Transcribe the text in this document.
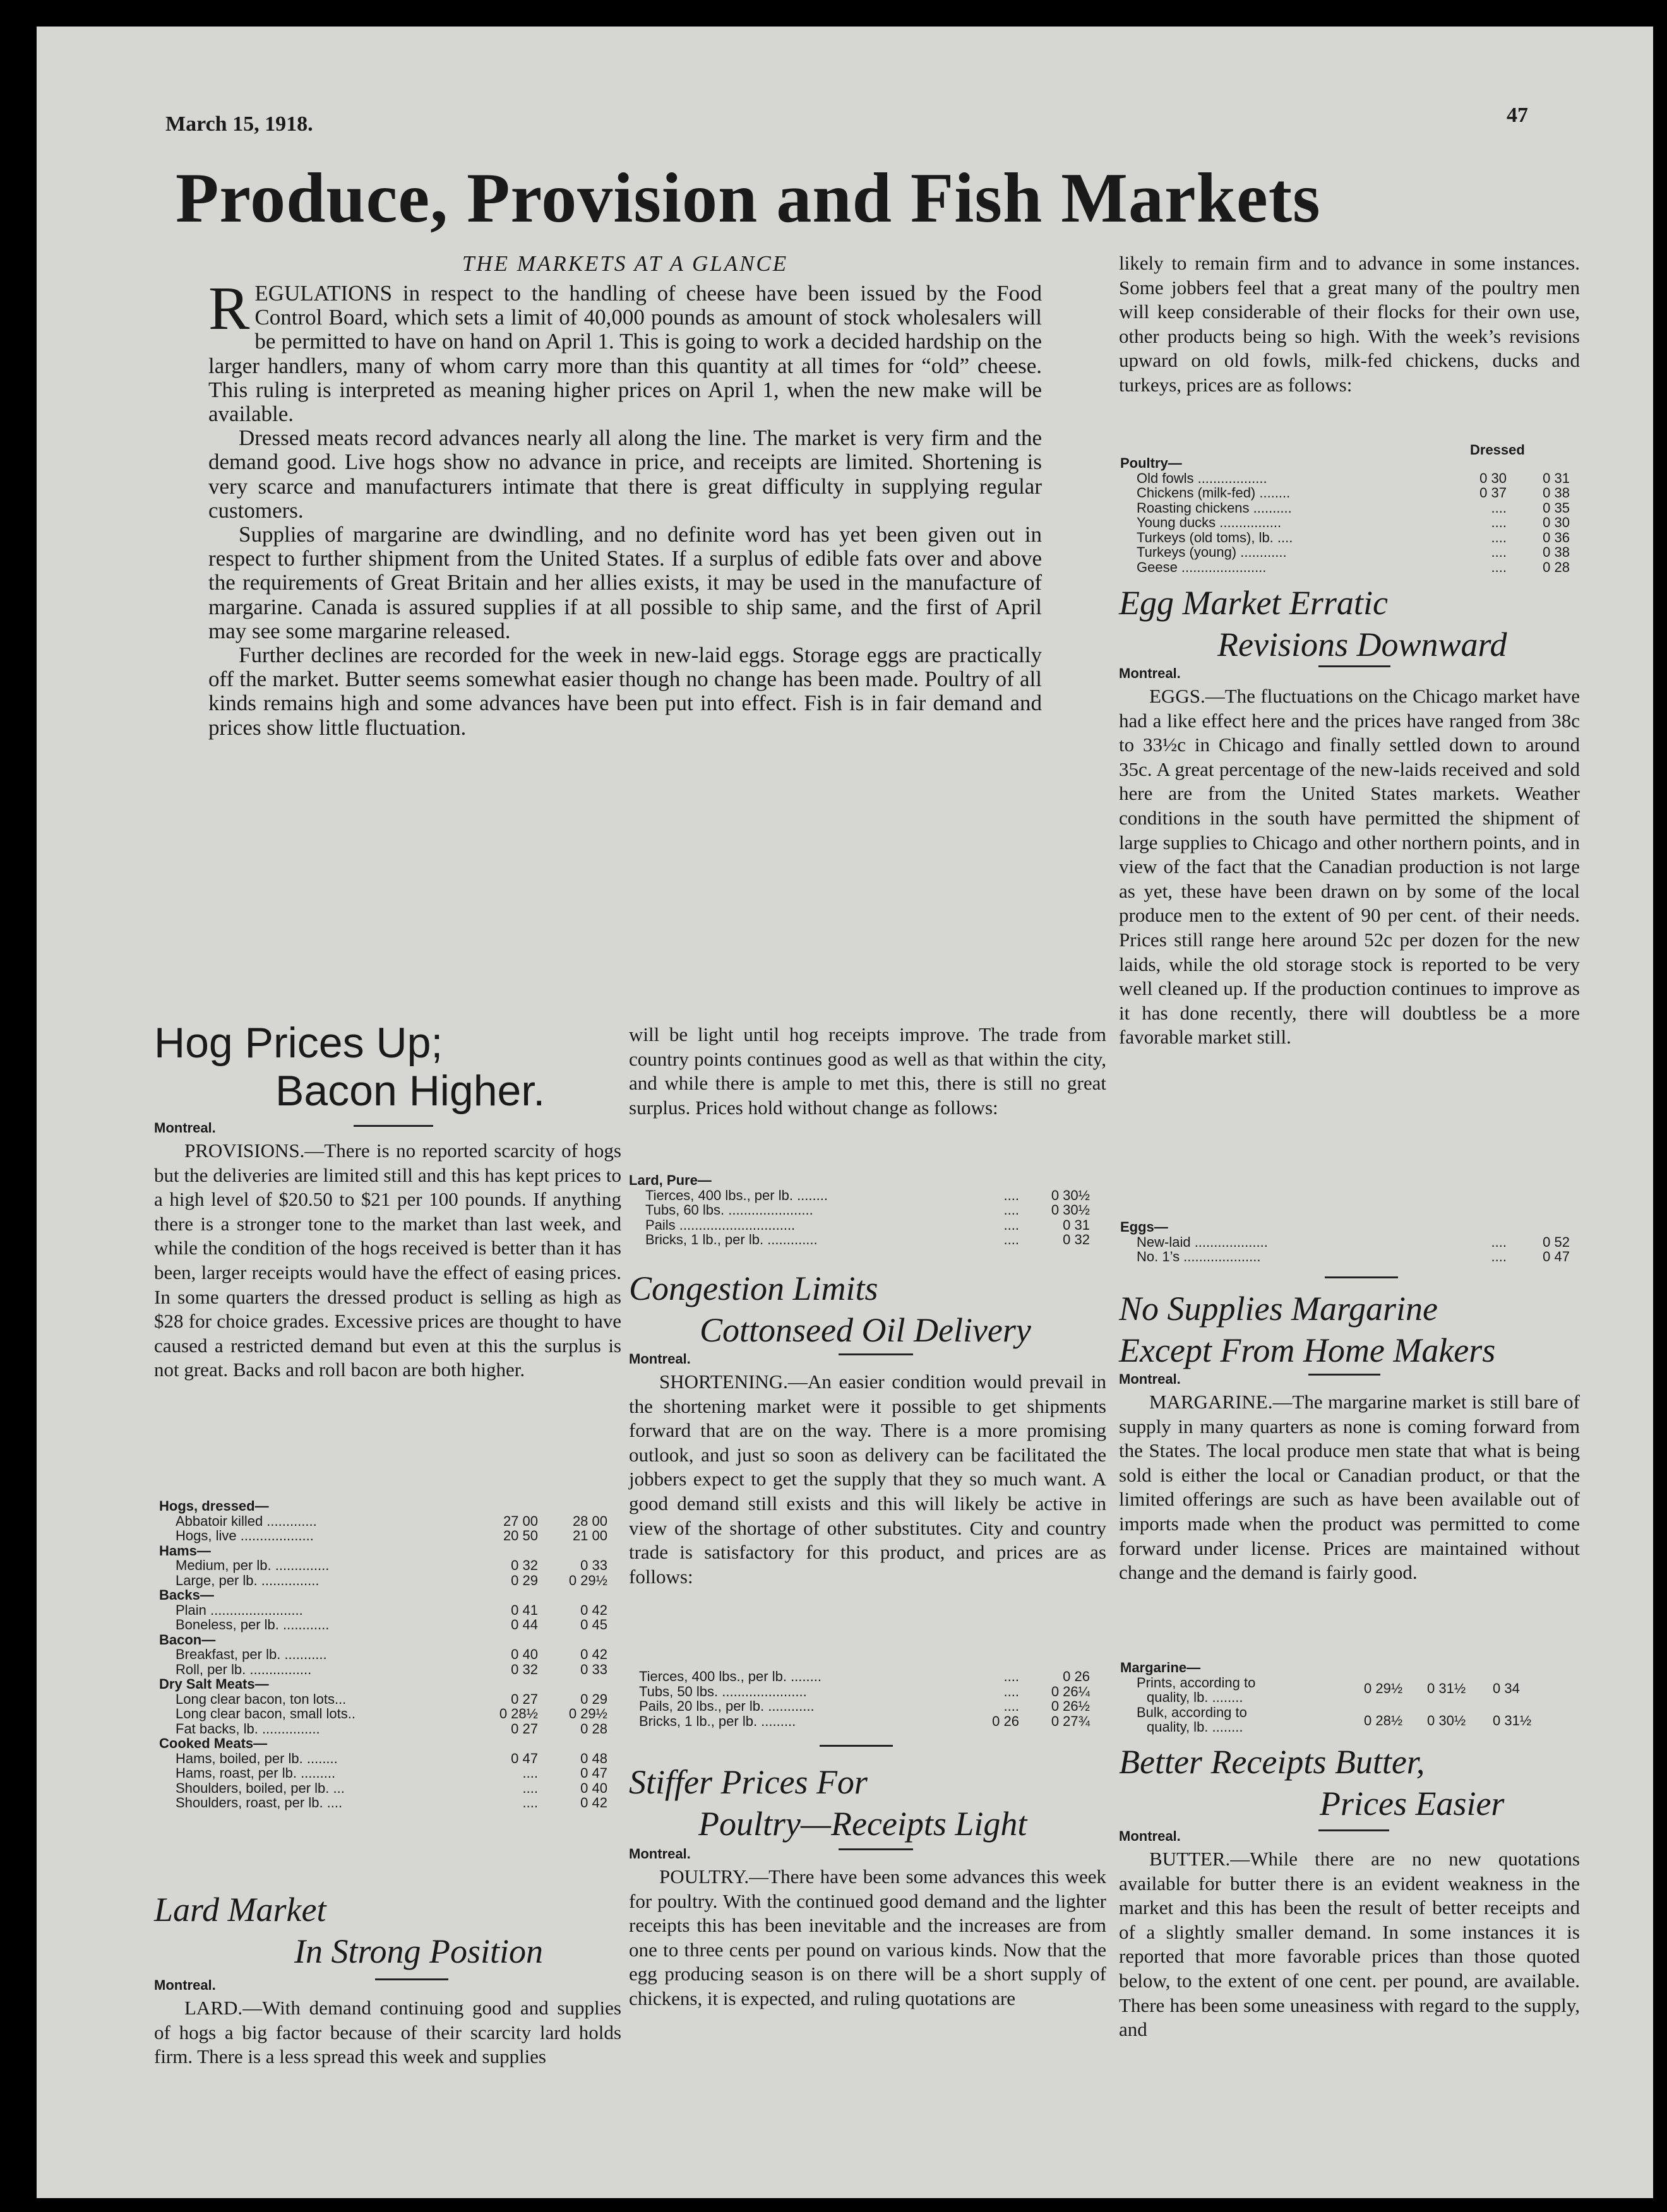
March 15, 1918.	47
Produce, Provision and Fish Markets
THE MARKETS AT A GLANCE

REGULATIONS in respect to the handling of cheese have been issued by the Food Control Board, which sets a limit of 40,000 pounds as amount of stock wholesalers will be permitted to have on hand on April 1. This is going to work a decided hardship on the larger handlers, many of whom carry more than this quantity at all times for “old” cheese. This ruling is interpreted as meaning higher prices on April 1, when the new make will be available.

Dressed meats record advances nearly all along the line. The market is very firm and the demand good. Live hogs show no advance in price, and receipts are limited. Shortening is very scarce and manufacturers intimate that there is great difficulty in supplying regular customers.

Supplies of margarine are dwindling, and no definite word has yet been given out in respect to further shipment from the United States. If a surplus of edible fats over and above the requirements of Great Britain and her allies exists, it may be used in the manufacture of margarine. Canada is assured supplies if at all possible to ship same, and the first of April may see some margarine released.

Further declines are recorded for the week in new-laid eggs. Storage eggs are practically off the market. Butter seems somewhat easier though no change has been made. Poultry of all kinds remains high and some advances have been put into effect. Fish is in fair demand and prices show little fluctuation.

Hog Prices Up;
Bacon Higher.
Montreal.

PROVISIONS.—There is no reported scarcity of hogs but the deliveries are limited still and this has kept prices to a high level of $20.50 to $21 per 100 pounds. If anything there is a stronger tone to the market than last week, and while the condition of the hogs received is better than it has been, larger receipts would have the effect of easing prices. In some quarters the dressed product is selling as high as $28 for choice grades. Excessive prices are thought to have caused a restricted demand but even at this the surplus is not great. Backs and roll bacon are both higher.

Hogs, dressed—
Abbatoir killed .............	27 00 28 00
Hogs, live ...................	20 50 21 00
Hams—
Medium, per lb. ..............	0 32	0 33
Large, per lb. ...............	0 29 0 29½
Backs—
Plain ........................	0 41	0 42
Boneless, per lb. ............	0 44	0 45
Bacon—
Breakfast, per lb. ...........	0 40	0 42
Roll, per lb. ................	0 32	0 33
Dry Salt Meats—
Long clear bacon, ton lots...	0 27	0 29
Long clear bacon, small lots..	0 28½ 0 29½
Fat backs, lb. ...............	0 27	0 28
Cooked Meats—
Hams, boiled, per lb. ........	0 47	0 48
Hams, roast, per lb. .........	....	0 47
Shoulders, boiled, per lb. ...	....	0 40
Shoulders, roast, per lb. ....	....	0 42
Lard Market
In Strong Position
Montreal.

LARD.—With demand continuing good and supplies of hogs a big factor because of their scarcity lard holds firm. There is a less spread this week and supplies

will be light until hog receipts improve. The trade from country points continues good as well as that within the city, and while there is ample to met this, there is still no great surplus. Prices hold without change as follows:

Lard, Pure—
Tierces, 400 lbs., per lb. ........	.... 0 30½
Tubs, 60 lbs. ......................	.... 0 30½
Pails ..............................	....	0 31
Bricks, 1 lb., per lb. .............	....	0 32
Congestion Limits
Cottonseed Oil Delivery
Montreal.

SHORTENING.—An easier condition would prevail in the shortening market were it possible to get shipments forward that are on the way. There is a more promising outlook, and just so soon as delivery can be facilitated the jobbers expect to get the supply that they so much want. A good demand still exists and this will likely be active in view of the shortage of other substitutes. City and country trade is satisfactory for this product, and prices are as follows:

Tierces, 400 lbs., per lb. ........	....	0 26
Tubs, 50 lbs. ......................	.... 0 26¼
Pails, 20 lbs., per lb. ............	.... 0 26½
Bricks, 1 lb., per lb. .........	0 26 0 27¾
Stiffer Prices For
Poultry—Receipts Light
Montreal.

POULTRY.—There have been some advances this week for poultry. With the continued good demand and the lighter receipts this has been inevitable and the increases are from one to three cents per pound on various kinds. Now that the egg producing season is on there will be a short supply of chickens, it is expected, and ruling quotations are

likely to remain firm and to advance in some instances. Some jobbers feel that a great many of the poultry men will keep considerable of their flocks for their own use, other products being so high. With the week’s revisions upward on old fowls, milk-fed chickens, ducks and turkeys, prices are as follows:

Dressed
Poultry—
Old fowls ..................	0 30	0 31
Chickens (milk-fed) ........	0 37	0 38
Roasting chickens ..........	....	0 35
Young ducks ................	....	0 30
Turkeys (old toms), lb. ....	....	0 36
Turkeys (young) ............	....	0 38
Geese ......................	....	0 28
Egg Market Erratic
Revisions Downward
Montreal.

EGGS.—The fluctuations on the Chicago market have had a like effect here and the prices have ranged from 38c to 33½c in Chicago and finally settled down to around 35c. A great percentage of the new-laids received and sold here are from the United States markets. Weather conditions in the south have permitted the shipment of large supplies to Chicago and other northern points, and in view of the fact that the Canadian production is not large as yet, these have been drawn on by some of the local produce men to the extent of 90 per cent. of their needs. Prices still range here around 52c per dozen for the new laids, while the old storage stock is reported to be very well cleaned up. If the production continues to improve as it has done recently, there will doubtless be a more favorable market still.

Eggs—
New-laid ...................	....	0 52
No. 1’s ....................	....	0 47
No Supplies Margarine
Except From Home Makers
Montreal.

MARGARINE.—The margarine market is still bare of supply in many quarters as none is coming forward from the States. The local produce men state that what is being sold is either the local or Canadian product, or that the limited offerings are such as have been available out of imports made when the product was permitted to come forward under license. Prices are maintained without change and the demand is fairly good.

Margarine—
Prints, according to
quality, lb. ........
0 29½ 0 31½ 0 34
Bulk, according to
quality, lb. ........	0 28½ 0 30½ 0 31½
Better Receipts Butter,
Prices Easier
Montreal.

BUTTER.—While there are no new quotations available for butter there is an evident weakness in the market and this has been the result of better receipts and of a slightly smaller demand. In some instances it is reported that more favorable prices than those quoted below, to the extent of one cent. per pound, are available. There has been some uneasiness with regard to the supply, and
